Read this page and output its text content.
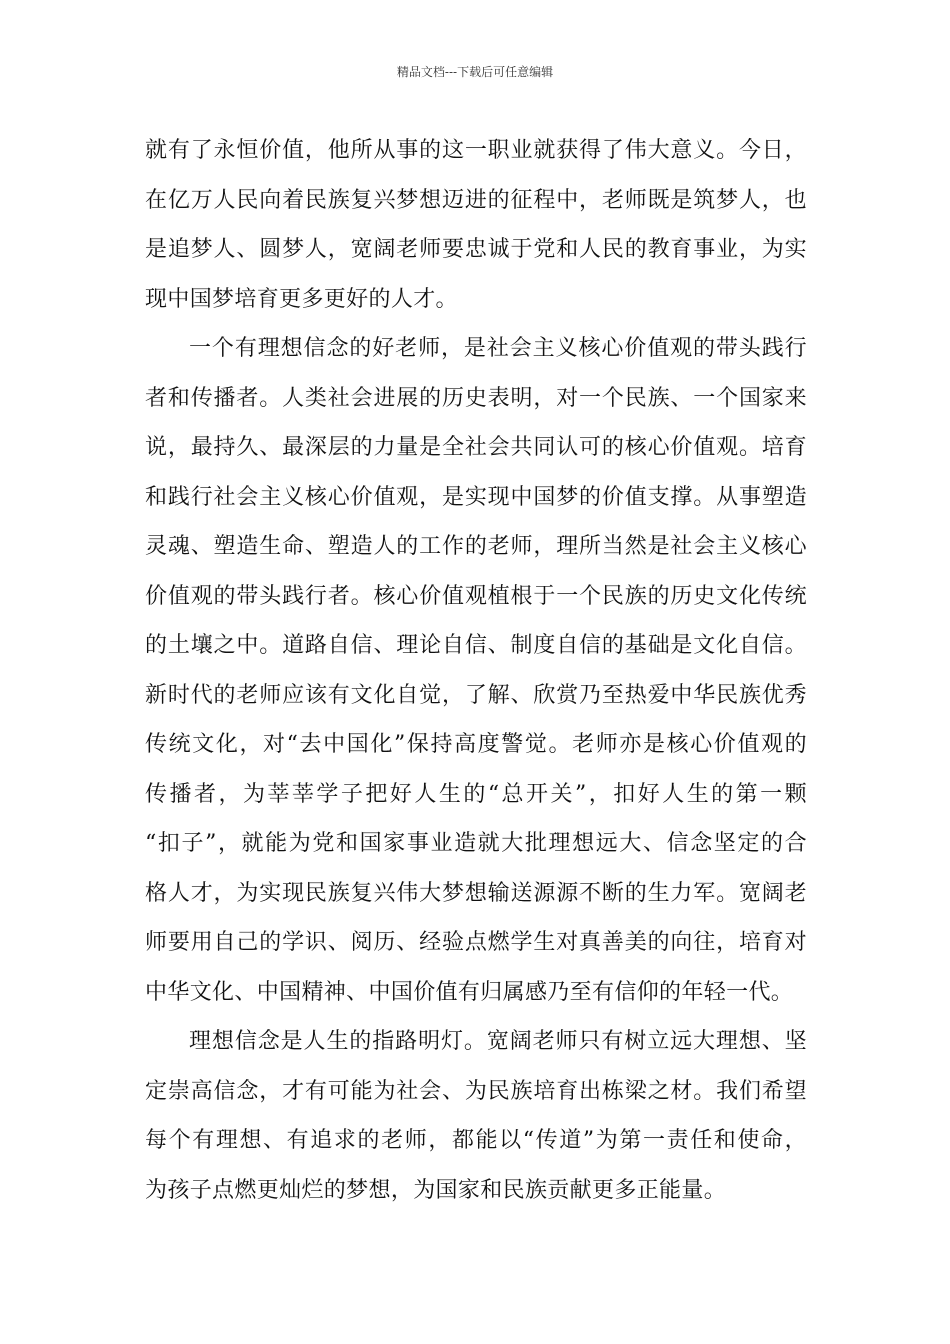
精品文档---下载后可任意编辑
就有了永恒价值，他所从事的这一职业就获得了伟大意义。今日，
在亿万人民向着民族复兴梦想迈进的征程中，老师既是筑梦人，也
是追梦人、圆梦人，宽阔老师要忠诚于党和人民的教育事业，为实
现中国梦培育更多更好的人才。
一个有理想信念的好老师，是社会主义核心价值观的带头践行
者和传播者。人类社会进展的历史表明，对一个民族、一个国家来
说，最持久、最深层的力量是全社会共同认可的核心价值观。培育
和践行社会主义核心价值观，是实现中国梦的价值支撑。从事塑造
灵魂、塑造生命、塑造人的工作的老师，理所当然是社会主义核心
价值观的带头践行者。核心价值观植根于一个民族的历史文化传统
的土壤之中。道路自信、理论自信、制度自信的基础是文化自信。
新时代的老师应该有文化自觉，了解、欣赏乃至热爱中华民族优秀
传统文化，对“去中国化”保持高度警觉。老师亦是核心价值观的
传播者，为莘莘学子把好人生的“总开关”，扣好人生的第一颗
“扣子”，就能为党和国家事业造就大批理想远大、信念坚定的合
格人才，为实现民族复兴伟大梦想输送源源不断的生力军。宽阔老
师要用自己的学识、阅历、经验点燃学生对真善美的向往，培育对
中华文化、中国精神、中国价值有归属感乃至有信仰的年轻一代。
理想信念是人生的指路明灯。宽阔老师只有树立远大理想、坚
定崇高信念，才有可能为社会、为民族培育出栋梁之材。我们希望
每个有理想、有追求的老师，都能以“传道”为第一责任和使命，
为孩子点燃更灿烂的梦想，为国家和民族贡献更多正能量。
